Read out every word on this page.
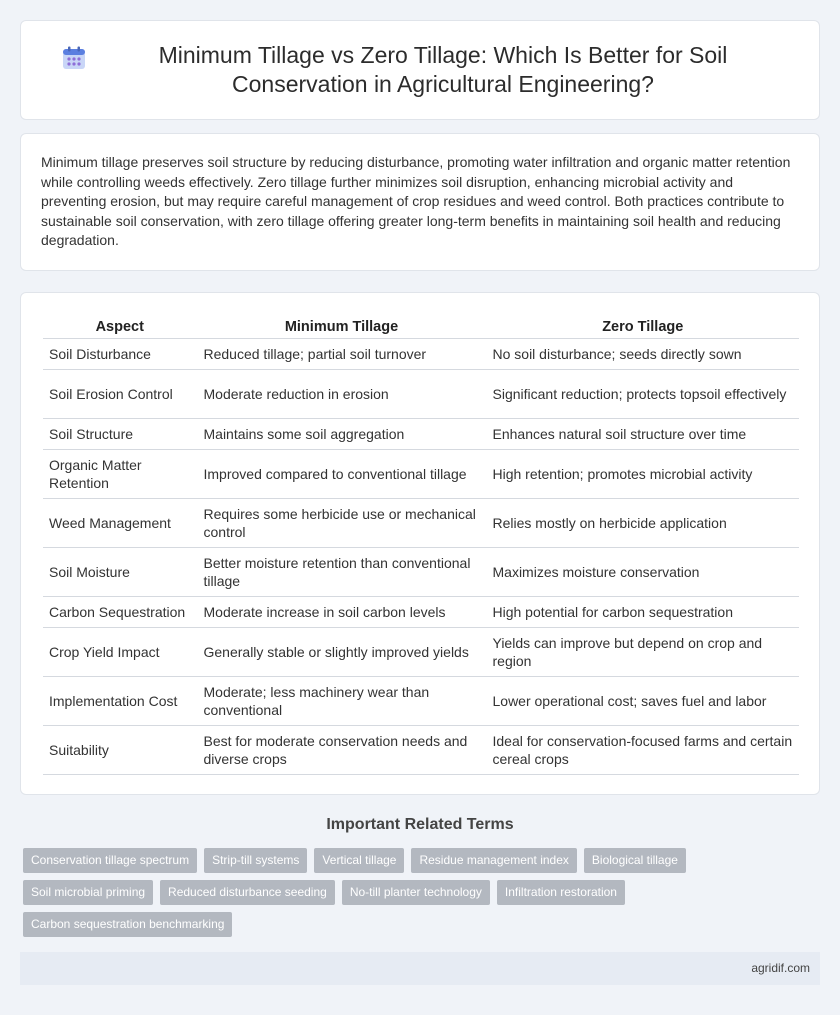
Minimum Tillage vs Zero Tillage: Which Is Better for Soil Conservation in Agricultural Engineering?

Minimum tillage preserves soil structure by reducing disturbance, promoting water infiltration and organic matter retention while controlling weeds effectively. Zero tillage further minimizes soil disruption, enhancing microbial activity and preventing erosion, but may require careful management of crop residues and weed control. Both practices contribute to sustainable soil conservation, with zero tillage offering greater long-term benefits in maintaining soil health and reducing degradation.

Aspect	Minimum Tillage	Zero Tillage
Soil Disturbance	Reduced tillage; partial soil turnover	No soil disturbance; seeds directly sown
Soil Erosion Control	Moderate reduction in erosion	Significant reduction; protects topsoil effectively
Soil Structure	Maintains some soil aggregation	Enhances natural soil structure over time
Organic Matter Retention	Improved compared to conventional tillage	High retention; promotes microbial activity
Weed Management	Requires some herbicide use or mechanical control	Relies mostly on herbicide application
Soil Moisture	Better moisture retention than conventional tillage	Maximizes moisture conservation
Carbon Sequestration	Moderate increase in soil carbon levels	High potential for carbon sequestration
Crop Yield Impact	Generally stable or slightly improved yields	Yields can improve but depend on crop and region
Implementation Cost	Moderate; less machinery wear than conventional	Lower operational cost; saves fuel and labor
Suitability	Best for moderate conservation needs and diverse crops	Ideal for conservation-focused farms and certain cereal crops
Important Related Terms
Conservation tillage spectrum	Strip-till systems	Vertical tillage	Residue management index	Biological tillage
Soil microbial priming	Reduced disturbance seeding	No-till planter technology	Infiltration restoration
Carbon sequestration benchmarking
agridif.com
